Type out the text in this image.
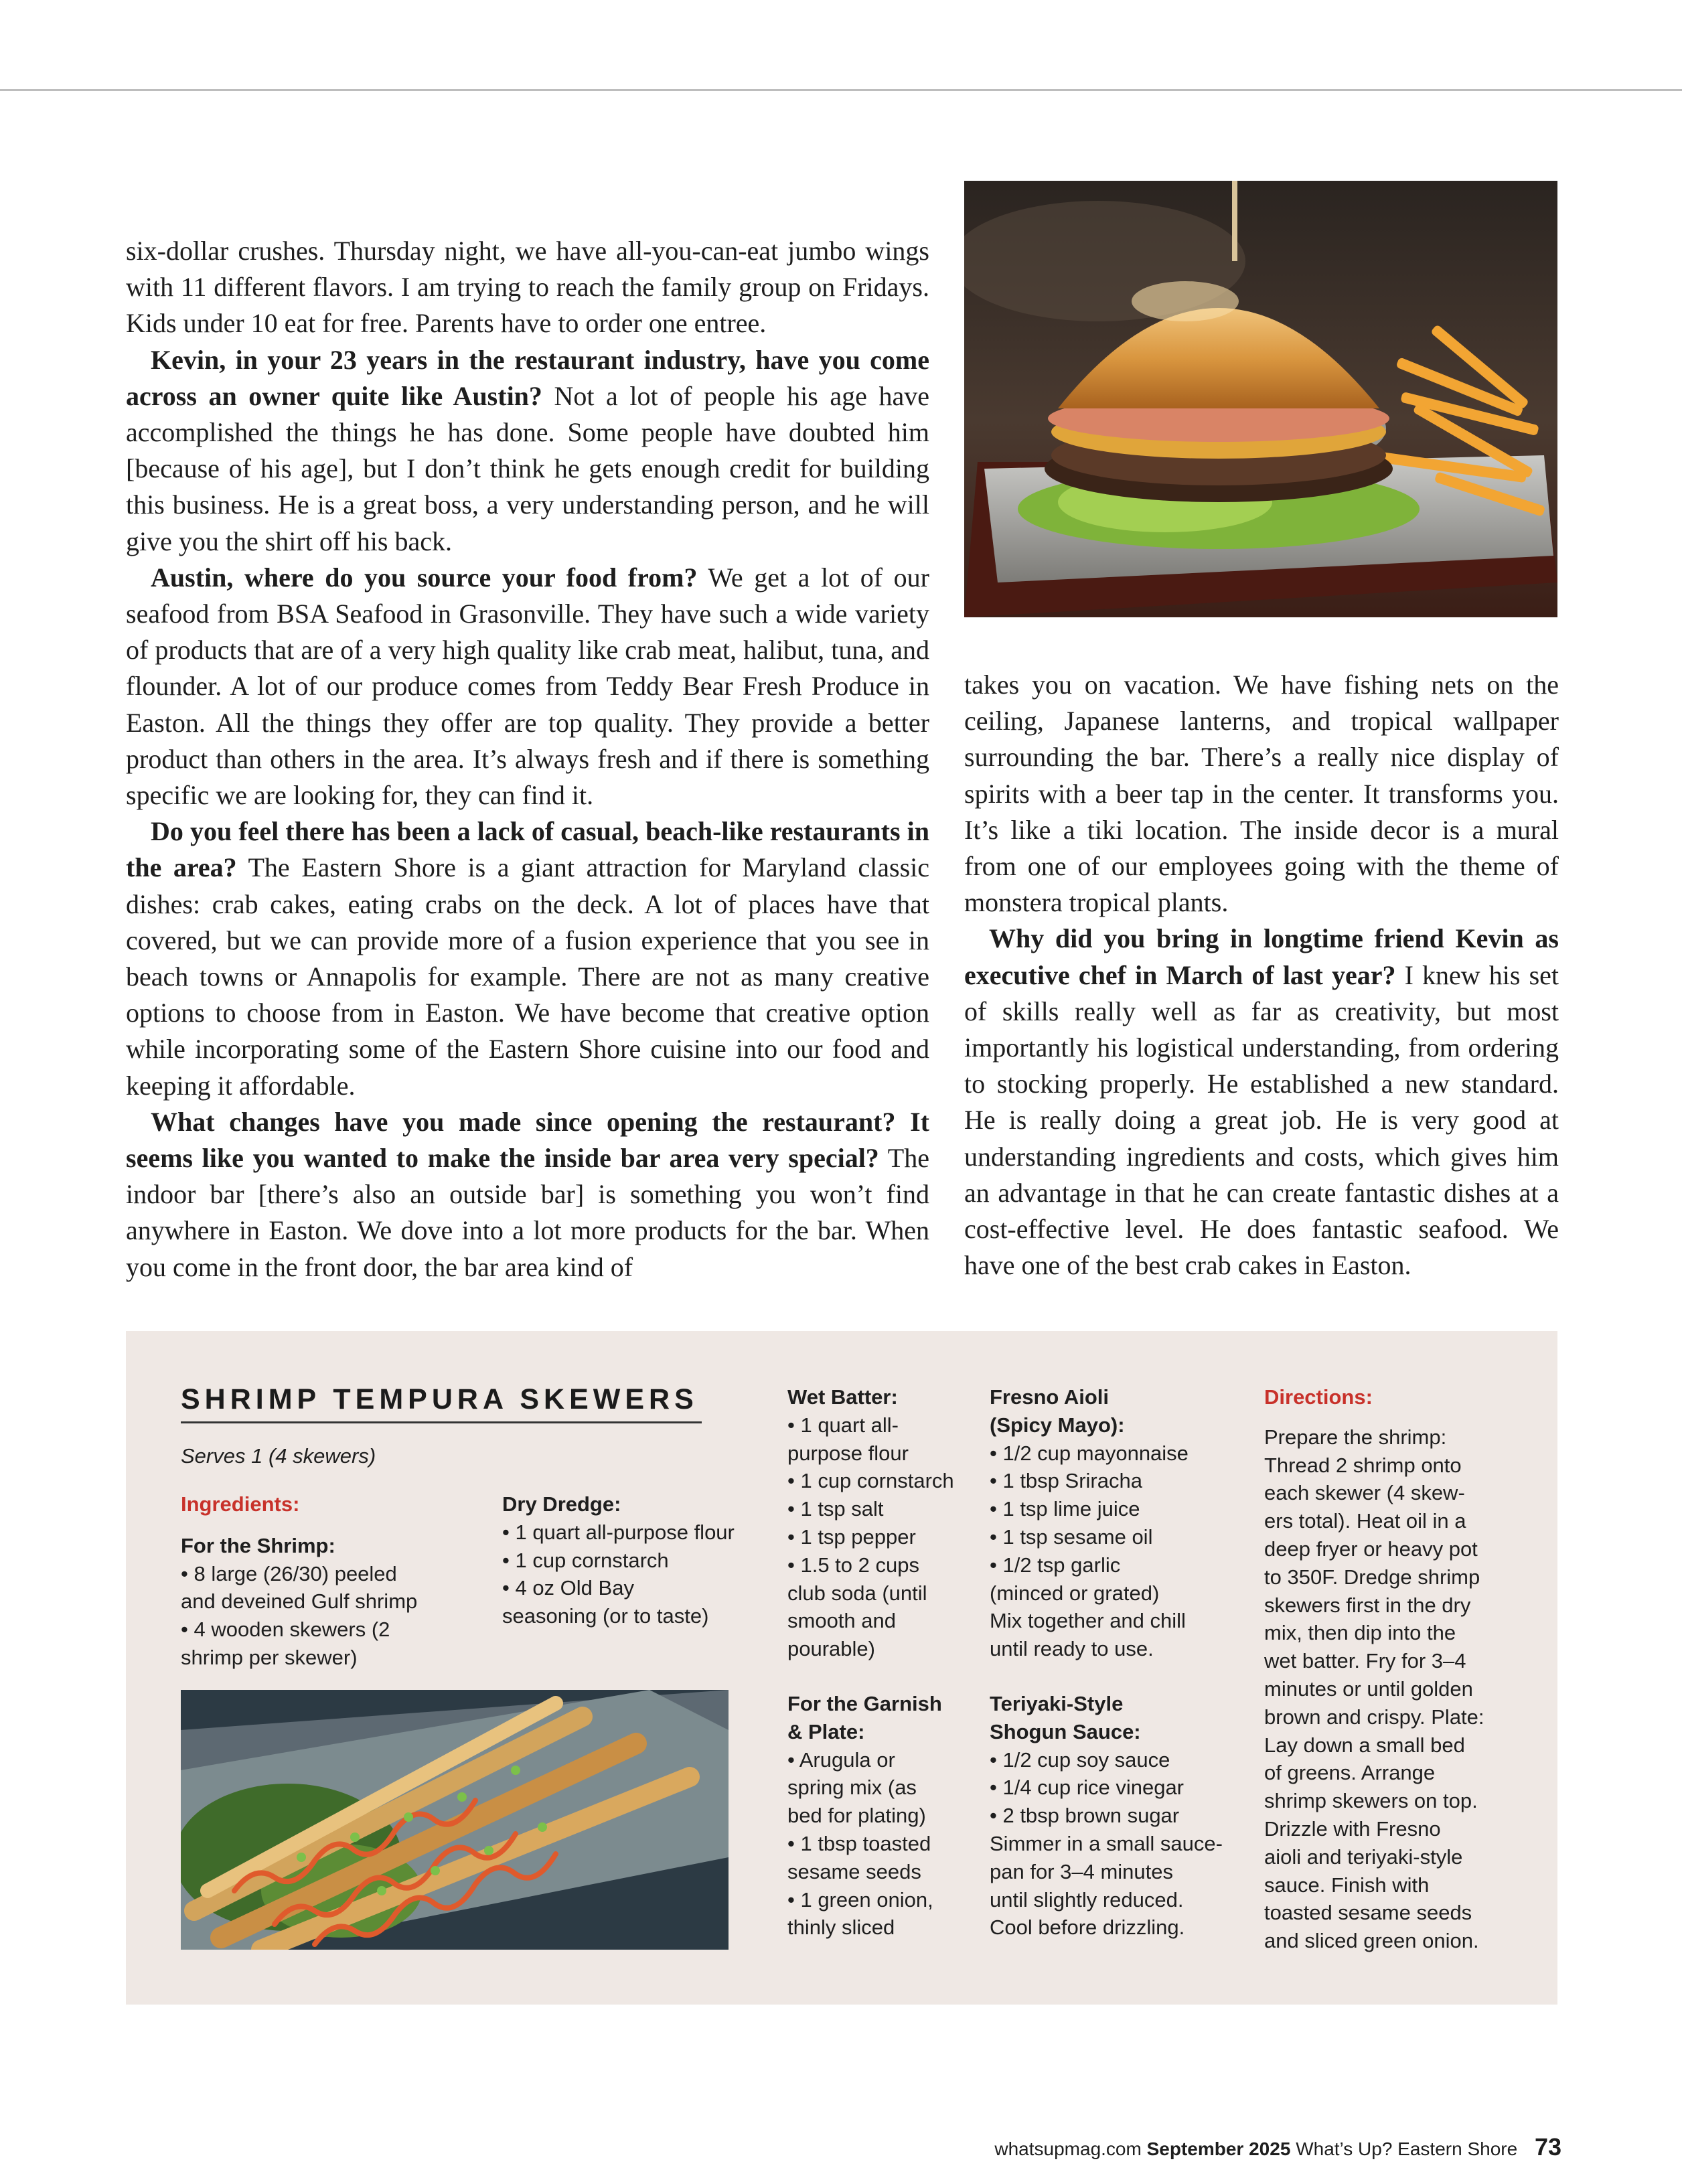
six-dollar crushes. Thursday night, we have all-you-can-eat jumbo wings with 11 different flavors. I am trying to reach the family group on Fridays. Kids under 10 eat for free. Parents have to order one entree.

Kevin, in your 23 years in the restaurant industry, have you come across an owner quite like Austin? Not a lot of people his age have accomplished the things he has done. Some people have doubted him [because of his age], but I don’t think he gets enough credit for building this business. He is a great boss, a very understanding person, and he will give you the shirt off his back.

Austin, where do you source your food from? We get a lot of our seafood from BSA Seafood in Grasonville. They have such a wide variety of products that are of a very high quality like crab meat, halibut, tuna, and flounder. A lot of our produce comes from Teddy Bear Fresh Produce in Easton. All the things they offer are top quality. They provide a better product than others in the area. It’s always fresh and if there is something specific we are looking for, they can find it.

Do you feel there has been a lack of casual, beach-like restaurants in the area? The Eastern Shore is a giant attraction for Maryland classic dishes: crab cakes, eating crabs on the deck. A lot of places have that covered, but we can provide more of a fusion experience that you see in beach towns or Annapolis for example. There are not as many creative options to choose from in Easton. We have become that creative option while incorporating some of the Eastern Shore cuisine into our food and keeping it affordable.

What changes have you made since opening the restaurant? It seems like you wanted to make the inside bar area very special? The indoor bar [there’s also an outside bar] is something you won’t find anywhere in Easton. We dove into a lot more products for the bar. When you come in the front door, the bar area kind of

takes you on vacation. We have fishing nets on the ceiling, Japanese lanterns, and tropical wallpaper surrounding the bar. There’s a really nice display of spirits with a beer tap in the center. It transforms you. It’s like a tiki location. The inside decor is a mural from one of our employees going with the theme of monstera tropical plants.

Why did you bring in longtime friend Kevin as executive chef in March of last year? I knew his set of skills really well as far as creativity, but most importantly his logistical understanding, from ordering to stocking properly. He established a new standard. He is really doing a great job. He is very good at understanding ingredients and costs, which gives him an advantage in that he can create fantastic dishes at a cost-effective level. He does fantastic seafood. We have one of the best crab cakes in Easton.

SHRIMP TEMPURA SKEWERS
Serves 1 (4 skewers)
Ingredients:
For the Shrimp:
• 8 large (26/30) peeled
and deveined Gulf shrimp
• 4 wooden skewers (2
shrimp per skewer)
Dry Dredge:
• 1 quart all-purpose flour
• 1 cup cornstarch
• 4 oz Old Bay
seasoning (or to taste)
Wet Batter:
• 1 quart all-
purpose flour
• 1 cup cornstarch
• 1 tsp salt
• 1 tsp pepper
• 1.5 to 2 cups
club soda (until
smooth and
pourable)
For the Garnish
& Plate:
• Arugula or
spring mix (as
bed for plating)
• 1 tbsp toasted
sesame seeds
• 1 green onion,
thinly sliced
Fresno Aioli
(Spicy Mayo):
• 1/2 cup mayonnaise
• 1 tbsp Sriracha
• 1 tsp lime juice
• 1 tsp sesame oil
• 1/2 tsp garlic
(minced or grated)
Mix together and chill
until ready to use.
Teriyaki-Style
Shogun Sauce:
• 1/2 cup soy sauce
• 1/4 cup rice vinegar
• 2 tbsp brown sugar
Simmer in a small sauce-
pan for 3–4 minutes
until slightly reduced.
Cool before drizzling.
Directions:
Prepare the shrimp:
Thread 2 shrimp onto
each skewer (4 skew-
ers total). Heat oil in a
deep fryer or heavy pot
to 350F. Dredge shrimp
skewers first in the dry
mix, then dip into the
wet batter. Fry for 3–4
minutes or until golden
brown and crispy. Plate:
Lay down a small bed
of greens. Arrange
shrimp skewers on top.
Drizzle with Fresno
aioli and teriyaki-style
sauce. Finish with
toasted sesame seeds
and sliced green onion.
whatsupmag.com September 2025 What’s Up? Eastern Shore 73
